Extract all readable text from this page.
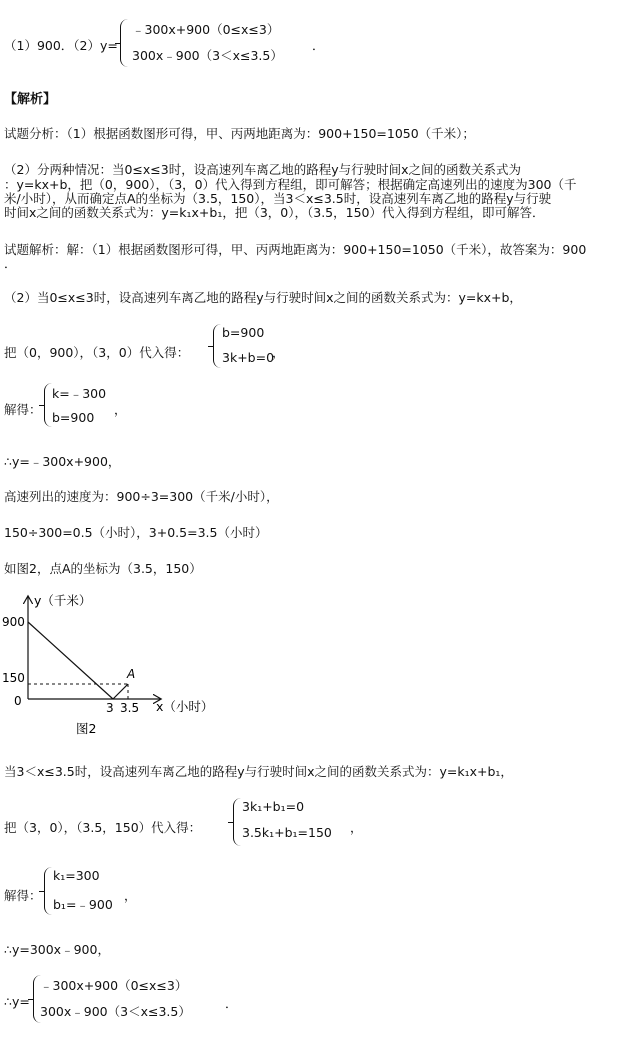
（1）900．（2）y=
﹣300x+900（0≤x≤3）
300x﹣900（3＜x≤3.5）
．
【解析】
试题分析：（1）根据函数图形可得，甲、丙两地距离为：900+150=1050（千米）；
（2）分两种情况：当0≤x≤3时，设高速列车离乙地的路程y与行驶时间x之间的函数关系式为
：y=kx+b，把（0，900），（3，0）代入得到方程组，即可解答；根据确定高速列出的速度为300（千
米/小时），从而确定点A的坐标为（3.5，150），当3＜x≤3.5时，设高速列车离乙地的路程y与行驶
时间x之间的函数关系式为：y=k₁x+b₁，把（3，0），（3.5，150）代入得到方程组，即可解答．
试题解析：解：（1）根据函数图形可得，甲、丙两地距离为：900+150=1050（千米），故答案为：900
．
（2）当0≤x≤3时，设高速列车离乙地的路程y与行驶时间x之间的函数关系式为：y=kx+b，
把（0，900），（3，0）代入得：
b=900
3k+b=0
，
解得：
k=﹣300
b=900
，
∴y=﹣300x+900，
高速列出的速度为：900÷3=300（千米/小时），
150÷300=0.5（小时），3+0.5=3.5（小时）
如图2，点A的坐标为（3.5，150）
y（千米）
900
150
0	3 3.5
A
x（小时）
图2
当3＜x≤3.5时，设高速列车离乙地的路程y与行驶时间x之间的函数关系式为：y=k₁x+b₁，
把（3，0），（3.5，150）代入得：
3k₁+b₁=0
3.5k₁+b₁=150 ，
解得：
k₁=300
b₁=﹣900
，
∴y=300x﹣900，
∴y=
﹣300x+900（0≤x≤3）
300x﹣900（3＜x≤3.5）
．
